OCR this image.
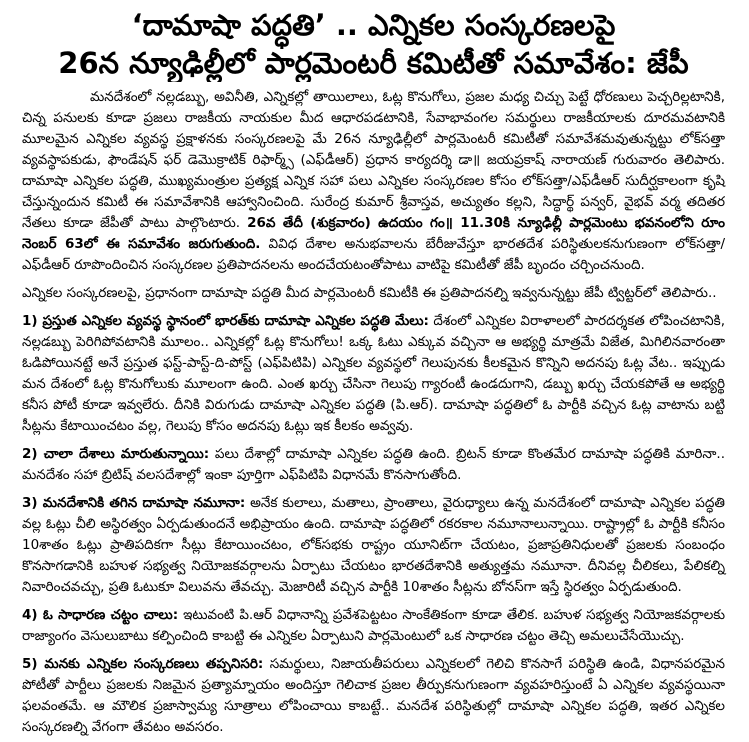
‘దామాషా పద్ధతి’ .. ఎన్నికల సంస్కరణలపై
26న న్యూఢిల్లీలో పార్లమెంటరీ కమిటీతో సమావేశం: జేపీ

మనదేశంలో నల్లడబ్బు, అవినీతి, ఎన్నికల్లో తాయిలాలు, ఓట్ల కొనుగోలు, ప్రజల మధ్య చిచ్చు పెట్టే ధోరణులు పెచ్చరిల్లటానికి, చిన్న పనులకు కూడా ప్రజలు రాజకీయ నాయకుల మీద ఆధారపడటానికి, సేవాభావంగల సమర్థులు రాజకీయాలకు దూరమవటానికి మూలమైన ఎన్నికల వ్యవస్థ ప్రక్షాళనకు సంస్కరణలపై మే 26న న్యూఢిల్లీలో పార్లమెంటరీ కమిటీతో సమావేశమవుతున్నట్టు లోక్‌సత్తా వ్యవస్థాపకుడు, ఫౌండేషన్ ఫర్ డెమొక్రాటిక్ రిఫార్మ్స్ (ఎఫ్‌డీఆర్) ప్రధాన కార్యదర్శి డా॥ జయప్రకాష్ నారాయణ్ గురువారం తెలిపారు. దామాషా ఎన్నికల పద్ధతి, ముఖ్యమంత్రుల ప్రత్యక్ష ఎన్నిక సహా పలు ఎన్నికల సంస్కరణల కోసం లోక్‌సత్తా/ఎఫ్‌డీఆర్ సుదీర్ఘకాలంగా కృషి చేస్తున్నందున కమిటీ ఈ సమావేశానికి ఆహ్వానించింది. సురేంద్ర కుమార్ శ్రీవాస్తవ, అచ్యుతం కల్లని, సిద్ధార్థ్ పన్వర్, వైభవ్ వర్మ తదితర నేతలు కూడా జేపీతో పాటు పాల్గొంటారు. 26వ తేదీ (శుక్రవారం) ఉదయం గం॥ 11.30కి న్యూఢిల్లీ పార్లమెంటు భవనంలోని రూం నెంబర్ 63లో ఈ సమావేశం జరుగుతుంది. వివిధ దేశాల అనుభవాలను బేరీజువేస్తూ భారతదేశ పరిస్థితులకనుగుణంగా లోక్‌సత్తా/ఎఫ్‌డీఆర్ రూపొందించిన సంస్కరణల ప్రతిపాదనలను అందచేయటంతోపాటు వాటిపై కమిటీతో జేపీ బృందం చర్చించనుంది.

ఎన్నికల సంస్కరణలపై, ప్రధానంగా దామాషా పద్ధతి మీద పార్లమెంటరీ కమిటీకి ఈ ప్రతిపాదనల్ని ఇవ్వనున్నట్టు జేపీ ట్విట్టర్‌లో తెలిపారు..

1) ప్రస్తుత ఎన్నికల వ్యవస్థ స్థానంలో భారత్‌కు దామాషా ఎన్నికల పద్ధతి మేలు: దేశంలో ఎన్నికల విరాళాలలో పారదర్శకత లోపించటానికి, నల్లడబ్బు పెరిగిపోవటానికి మూలం.. ఎన్నికల్లో ఓట్ల కొనుగోలు! ఒక్క ఓటు ఎక్కువ వచ్చినా ఆ అభ్యర్థి మాత్రమే విజేత, మిగిలినవారంతా ఓడిపోయినట్టే అనే ప్రస్తుత ఫస్ట్-పాస్ట్-ది-పోస్ట్ (ఎఫ్‌పిటిపి) ఎన్నికల వ్యవస్థలో గెలుపునకు కీలకమైన కొన్నిని అదనపు ఓట్ల వేట.. ఇప్పుడు మన దేశంలో ఓట్ల కొనుగోలుకు మూలంగా ఉంది. ఎంత ఖర్చు చేసినా గెలుపు గ్యారంటీ ఉండదుగాని, డబ్బు ఖర్చు చేయకపోతే ఆ అభ్యర్థి కనీస పోటీ కూడా ఇవ్వలేరు. దీనికి విరుగుడు దామాషా ఎన్నికల పద్ధతి (పి.ఆర్). దామాషా పద్ధతిలో ఓ పార్టీకి వచ్చిన ఓట్ల వాటాను బట్టి సీట్లను కేటాయించటం వల్ల, గెలుపు కోసం అదనపు ఓట్లు ఇక కీలకం అవ్వవు.

2) చాలా దేశాలు మారుతున్నాయి: పలు దేశాల్లో దామాషా ఎన్నికల పద్ధతి ఉంది. బ్రిటన్ కూడా కొంతమేర దామాషా పద్ధతికి మారినా.. మనదేశం సహా బ్రిటిష్ వలసదేశాల్లో ఇంకా పూర్తిగా ఎఫ్‌పిటిపి విధానమే కొనసాగుతోంది.

3) మనదేశానికి తగిన దామాషా నమూనా: అనేక కులాలు, మతాలు, ప్రాంతాలు, వైరుధ్యాలు ఉన్న మనదేశంలో దామాషా ఎన్నికల పద్ధతి వల్ల ఓట్లు చీలి అస్థిరత్వం ఏర్పడుతుందనే అభిప్రాయం ఉంది. దామాషా పద్ధతిలో రకరకాల నమూనాలున్నాయి. రాష్ట్రాల్లో ఓ పార్టీకి కనీసం 10శాతం ఓట్లు ప్రాతిపదికగా సీట్లు కేటాయించటం, లోక్‌సభకు రాష్ట్రం యూనిట్‌గా చేయటం, ప్రజాప్రతినిధులతో ప్రజలకు సంబంధం కొనసాగడానికి బహుళ సభ్యత్వ నియోజకవర్గాలను ఏర్పాటు చేయటం భారతదేశానికి అత్యుత్తమ నమూనా. దీనివల్ల చీలికలు, పేలికల్ని నివారించవచ్చు, ప్రతి ఓటుకూ విలువను తేవచ్చు. మెజారిటీ వచ్చిన పార్టీకి 10శాతం సీట్లను బోనస్‌గా ఇస్తే స్థిరత్వం ఏర్పడుతుంది.

4) ఓ సాధారణ చట్టం చాలు: ఇటువంటి పి.ఆర్ విధానాన్ని ప్రవేశపెట్టటం సాంకేతికంగా కూడా తేలిక. బహుళ సభ్యత్వ నియోజకవర్గాలకు రాజ్యాంగం వెసులుబాటు కల్పించింది కాబట్టి ఈ ఎన్నికల ఏర్పాటుని పార్లమెంటులో ఒక సాధారణ చట్టం తెచ్చి అమలుచేసేయొచ్చు.

5) మనకు ఎన్నికల సంస్కరణలు తప్పనిసరి: సమర్థులు, నిజాయతీపరులు ఎన్నికలలో గెలిచి కొనసాగే పరిస్థితి ఉండి, విధానపరమైన పోటీతో పార్టీలు ప్రజలకు నిజమైన ప్రత్యామ్నాయం అందిస్తూ గెలిచాక ప్రజల తీర్పుకనుగుణంగా వ్యవహరిస్తుంటే ఏ ఎన్నికల వ్యవస్థయినా ఫలవంతమే. ఆ మౌలిక ప్రజాస్వామ్య సూత్రాలు లోపించాయి కాబట్టే.. మనదేశ పరిస్థితుల్లో దామాషా ఎన్నికల పద్ధతి, ఇతర ఎన్నికల సంస్కరణల్ని వేగంగా తేవటం అవసరం.
